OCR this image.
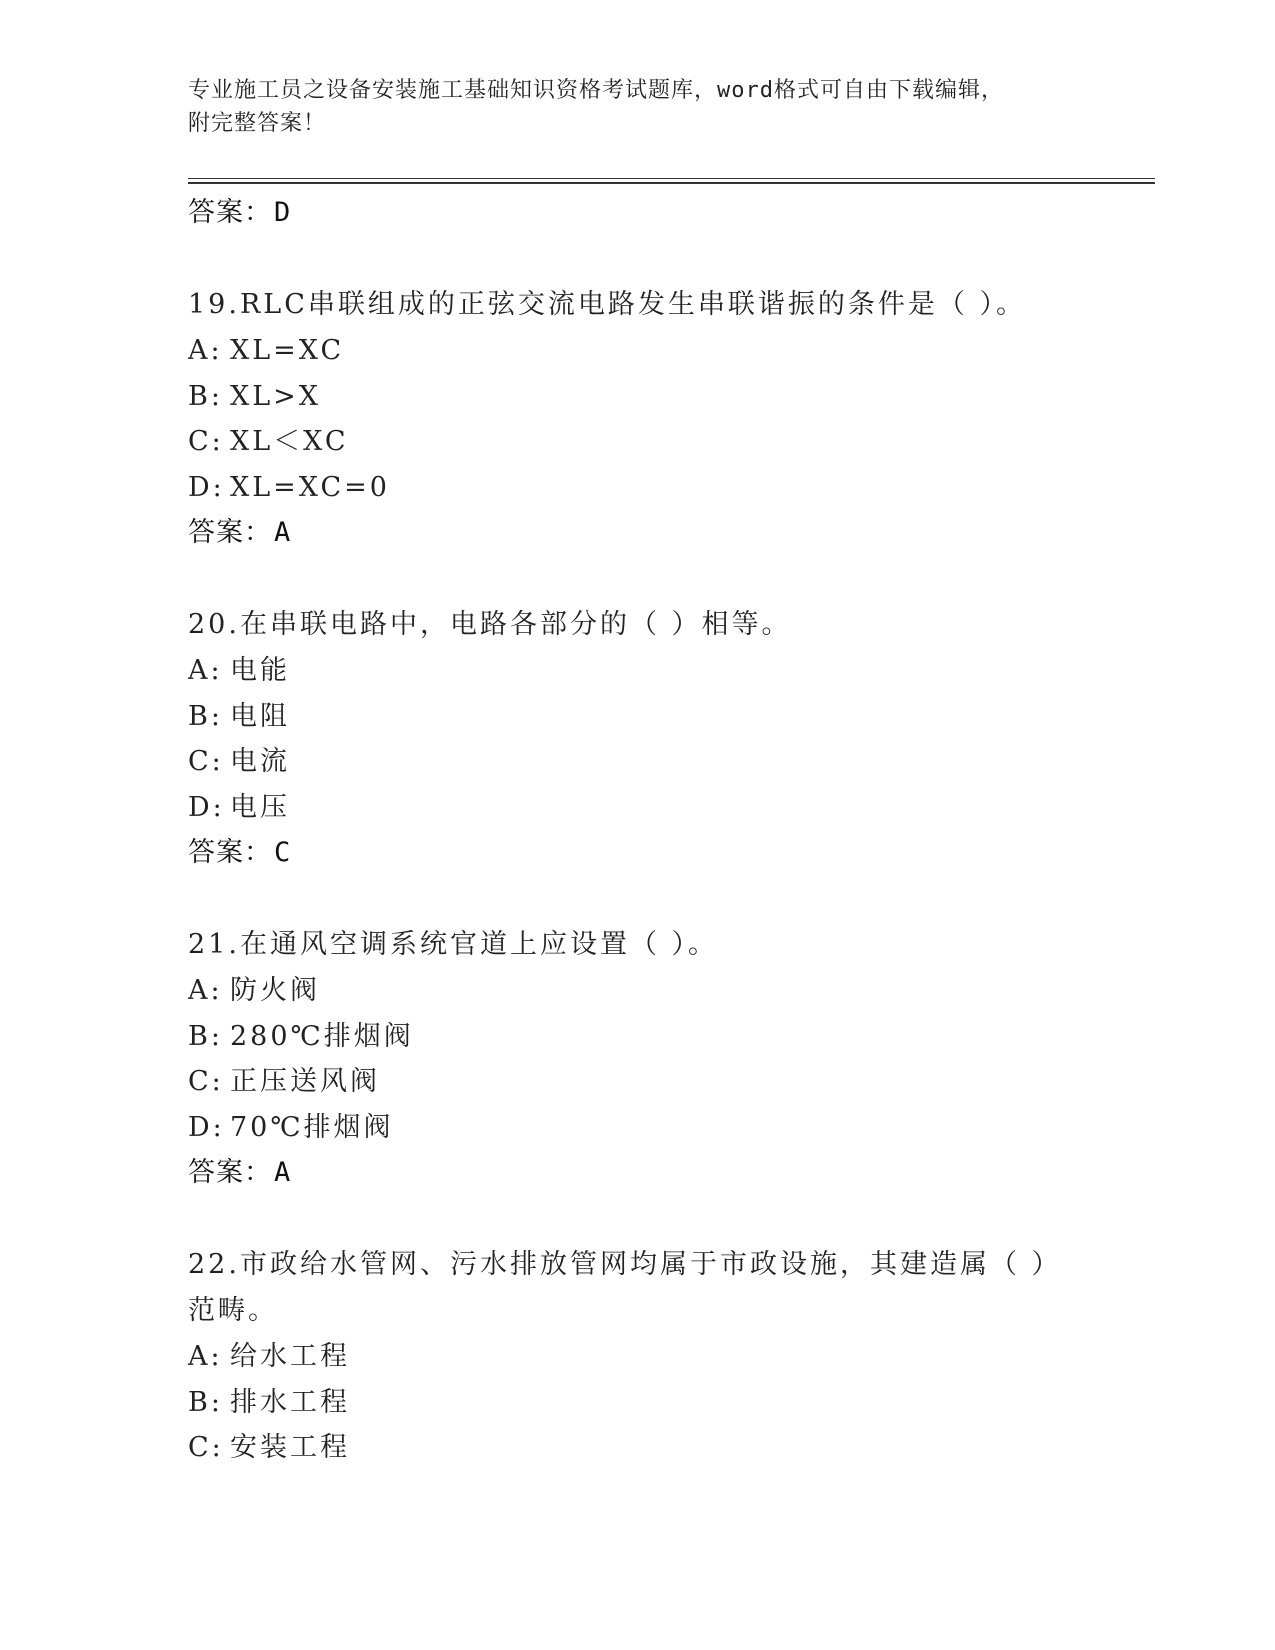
专业施工员之设备安装施工基础知识资格考试题库，word格式可自由下载编辑，
附完整答案！
答案：D
19.RLC串联组成的正弦交流电路发生串联谐振的条件是（ ）。
A: XL=XC
B: XL>X
C: XL＜XC
D: XL=XC=0
答案：A
20.在串联电路中，电路各部分的（ ）相等。
A: 电能
B: 电阻
C: 电流
D: 电压
答案：C
21.在通风空调系统官道上应设置（ ）。
A: 防火阀
B: 280℃排烟阀
C: 正压送风阀
D: 70℃排烟阀
答案：A
22.市政给水管网、污水排放管网均属于市政设施，其建造属（ ）范畴。
A: 给水工程
B: 排水工程
C: 安装工程
